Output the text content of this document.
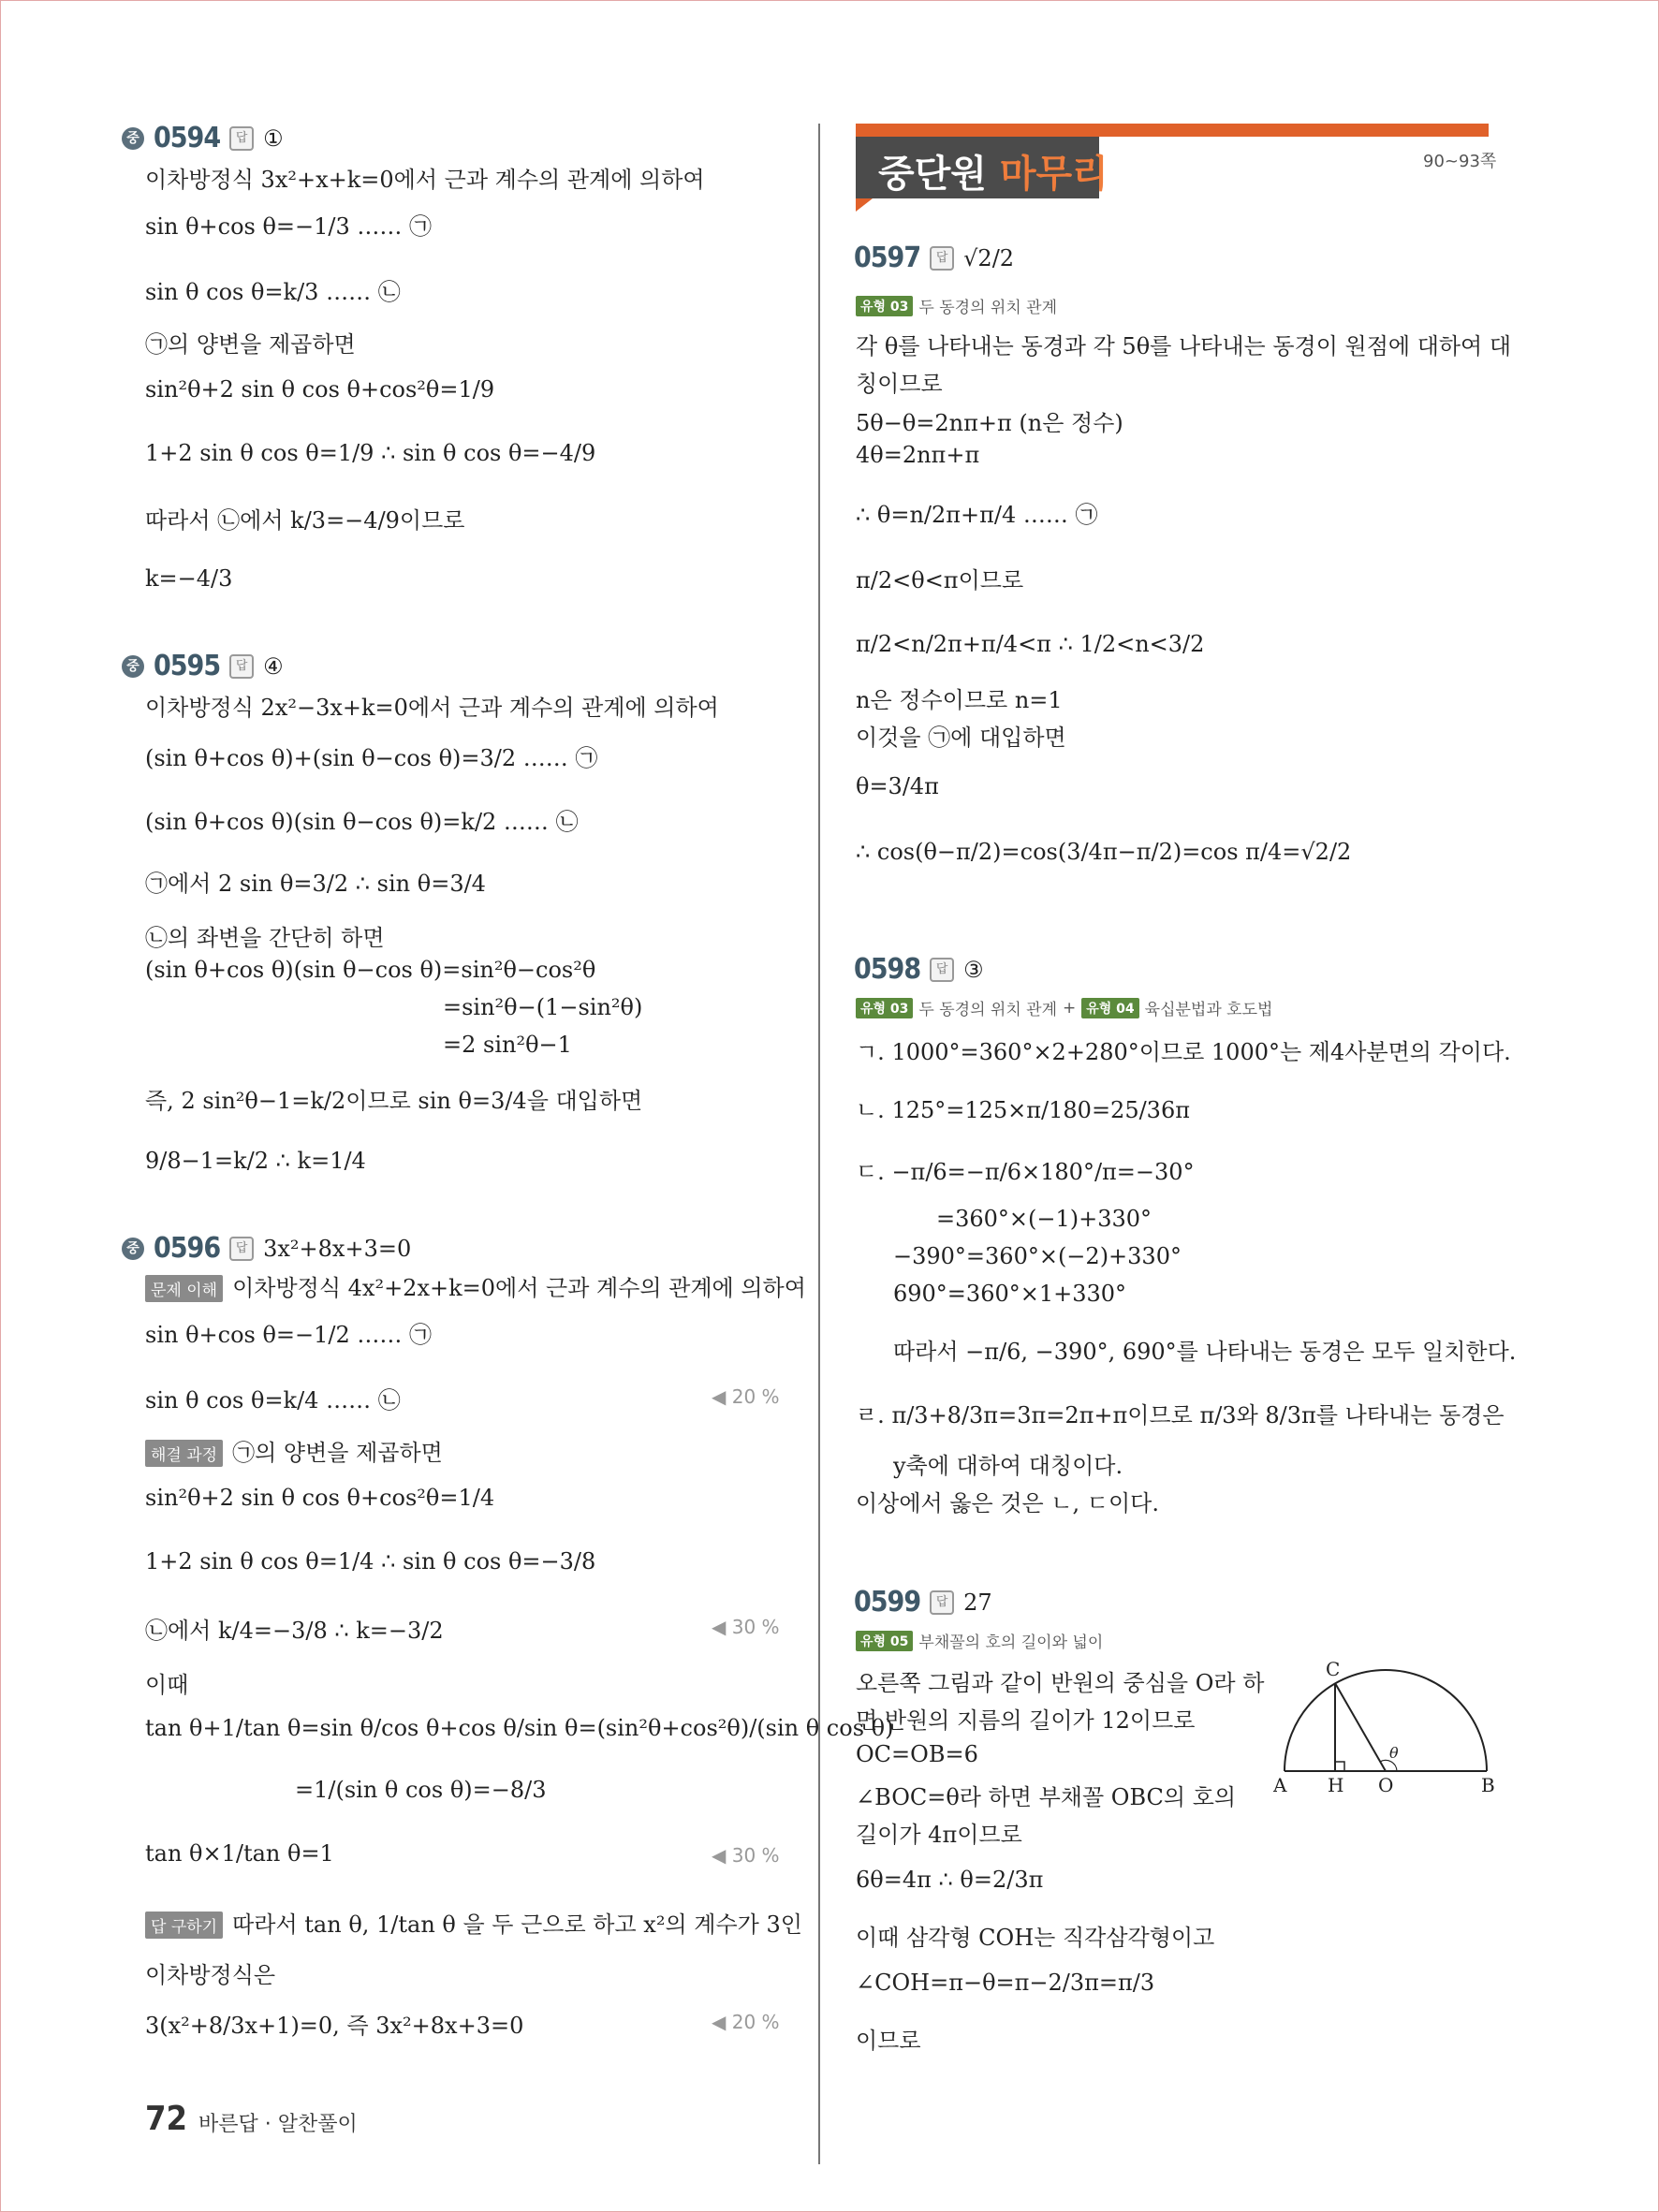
중 0594	답 ①
이차방정식 3x²+x+k=0에서 근과 계수의 관계에 의하여
sin θ+cos θ=−1/3 …… ㉠
sin θ cos θ=k/3 …… ㉡
㉠의 양변을 제곱하면
sin²θ+2 sin θ cos θ+cos²θ=1/9
1+2 sin θ cos θ=1/9 ∴ sin θ cos θ=−4/9
따라서 ㉡에서 k/3=−4/9이므로
k=−4/3
중 0595	답 ④
이차방정식 2x²−3x+k=0에서 근과 계수의 관계에 의하여
(sin θ+cos θ)+(sin θ−cos θ)=3/2 …… ㉠
(sin θ+cos θ)(sin θ−cos θ)=k/2 …… ㉡
㉠에서 2 sin θ=3/2 ∴ sin θ=3/4
㉡의 좌변을 간단히 하면
(sin θ+cos θ)(sin θ−cos θ)=sin²θ−cos²θ
=sin²θ−(1−sin²θ)
=2 sin²θ−1
즉, 2 sin²θ−1=k/2이므로 sin θ=3/4을 대입하면
9/8−1=k/2 ∴ k=1/4
중 0596	답 3x²+8x+3=0
문제 이해 이차방정식 4x²+2x+k=0에서 근과 계수의 관계에 의하여
sin θ+cos θ=−1/2 …… ㉠
sin θ cos θ=k/4 …… ㉡	◀ 20 %
해결 과정 ㉠의 양변을 제곱하면
sin²θ+2 sin θ cos θ+cos²θ=1/4
1+2 sin θ cos θ=1/4 ∴ sin θ cos θ=−3/8
㉡에서 k/4=−3/8 ∴ k=−3/2	◀ 30 %
이때
tan θ+1/tan θ=sin θ/cos θ+cos θ/sin θ=(sin²θ+cos²θ)/(sin θ cos θ)
=1/(sin θ cos θ)=−8/3
tan θ×1/tan θ=1	◀ 30 %
답 구하기 따라서 tan θ, 1/tan θ 을 두 근으로 하고 x²의 계수가 3인
이차방정식은
3(x²+8/3x+1)=0, 즉 3x²+8x+3=0	◀ 20 %
72 바른답 · 알찬풀이
중단원 마무리	90~93쪽
0597	답 √2/2
유형 03 두 동경의 위치 관계
각 θ를 나타내는 동경과 각 5θ를 나타내는 동경이 원점에 대하여 대
칭이므로
5θ−θ=2nπ+π (n은 정수)
4θ=2nπ+π
∴ θ=n/2π+π/4 …… ㉠
π/2<θ<π이므로
π/2<n/2π+π/4<π ∴ 1/2<n<3/2
n은 정수이므로 n=1
이것을 ㉠에 대입하면
θ=3/4π
∴ cos(θ−π/2)=cos(3/4π−π/2)=cos π/4=√2/2
0598	답 ③
유형 03 두 동경의 위치 관계 + 유형 04 육십분법과 호도법
ㄱ. 1000°=360°×2+280°이므로 1000°는 제4사분면의 각이다.
ㄴ. 125°=125×π/180=25/36π
ㄷ. −π/6=−π/6×180°/π=−30°
=360°×(−1)+330°
−390°=360°×(−2)+330°
690°=360°×1+330°
따라서 −π/6, −390°, 690°를 나타내는 동경은 모두 일치한다.
ㄹ. π/3+8/3π=3π=2π+π이므로 π/3와 8/3π를 나타내는 동경은
y축에 대하여 대칭이다.
이상에서 옳은 것은 ㄴ, ㄷ이다.
0599	답 27
유형 05 부채꼴의 호의 길이와 넓이
오른쪽 그림과 같이 반원의 중심을 O라 하
면 반원의 지름의 길이가 12이므로
OC=OB=6
∠BOC=θ라 하면 부채꼴 OBC의 호의
길이가 4π이므로
6θ=4π ∴ θ=2/3π
이때 삼각형 COH는 직각삼각형이고
∠COH=π−θ=π−2/3π=π/3
이므로
A H O	B
C
θ
